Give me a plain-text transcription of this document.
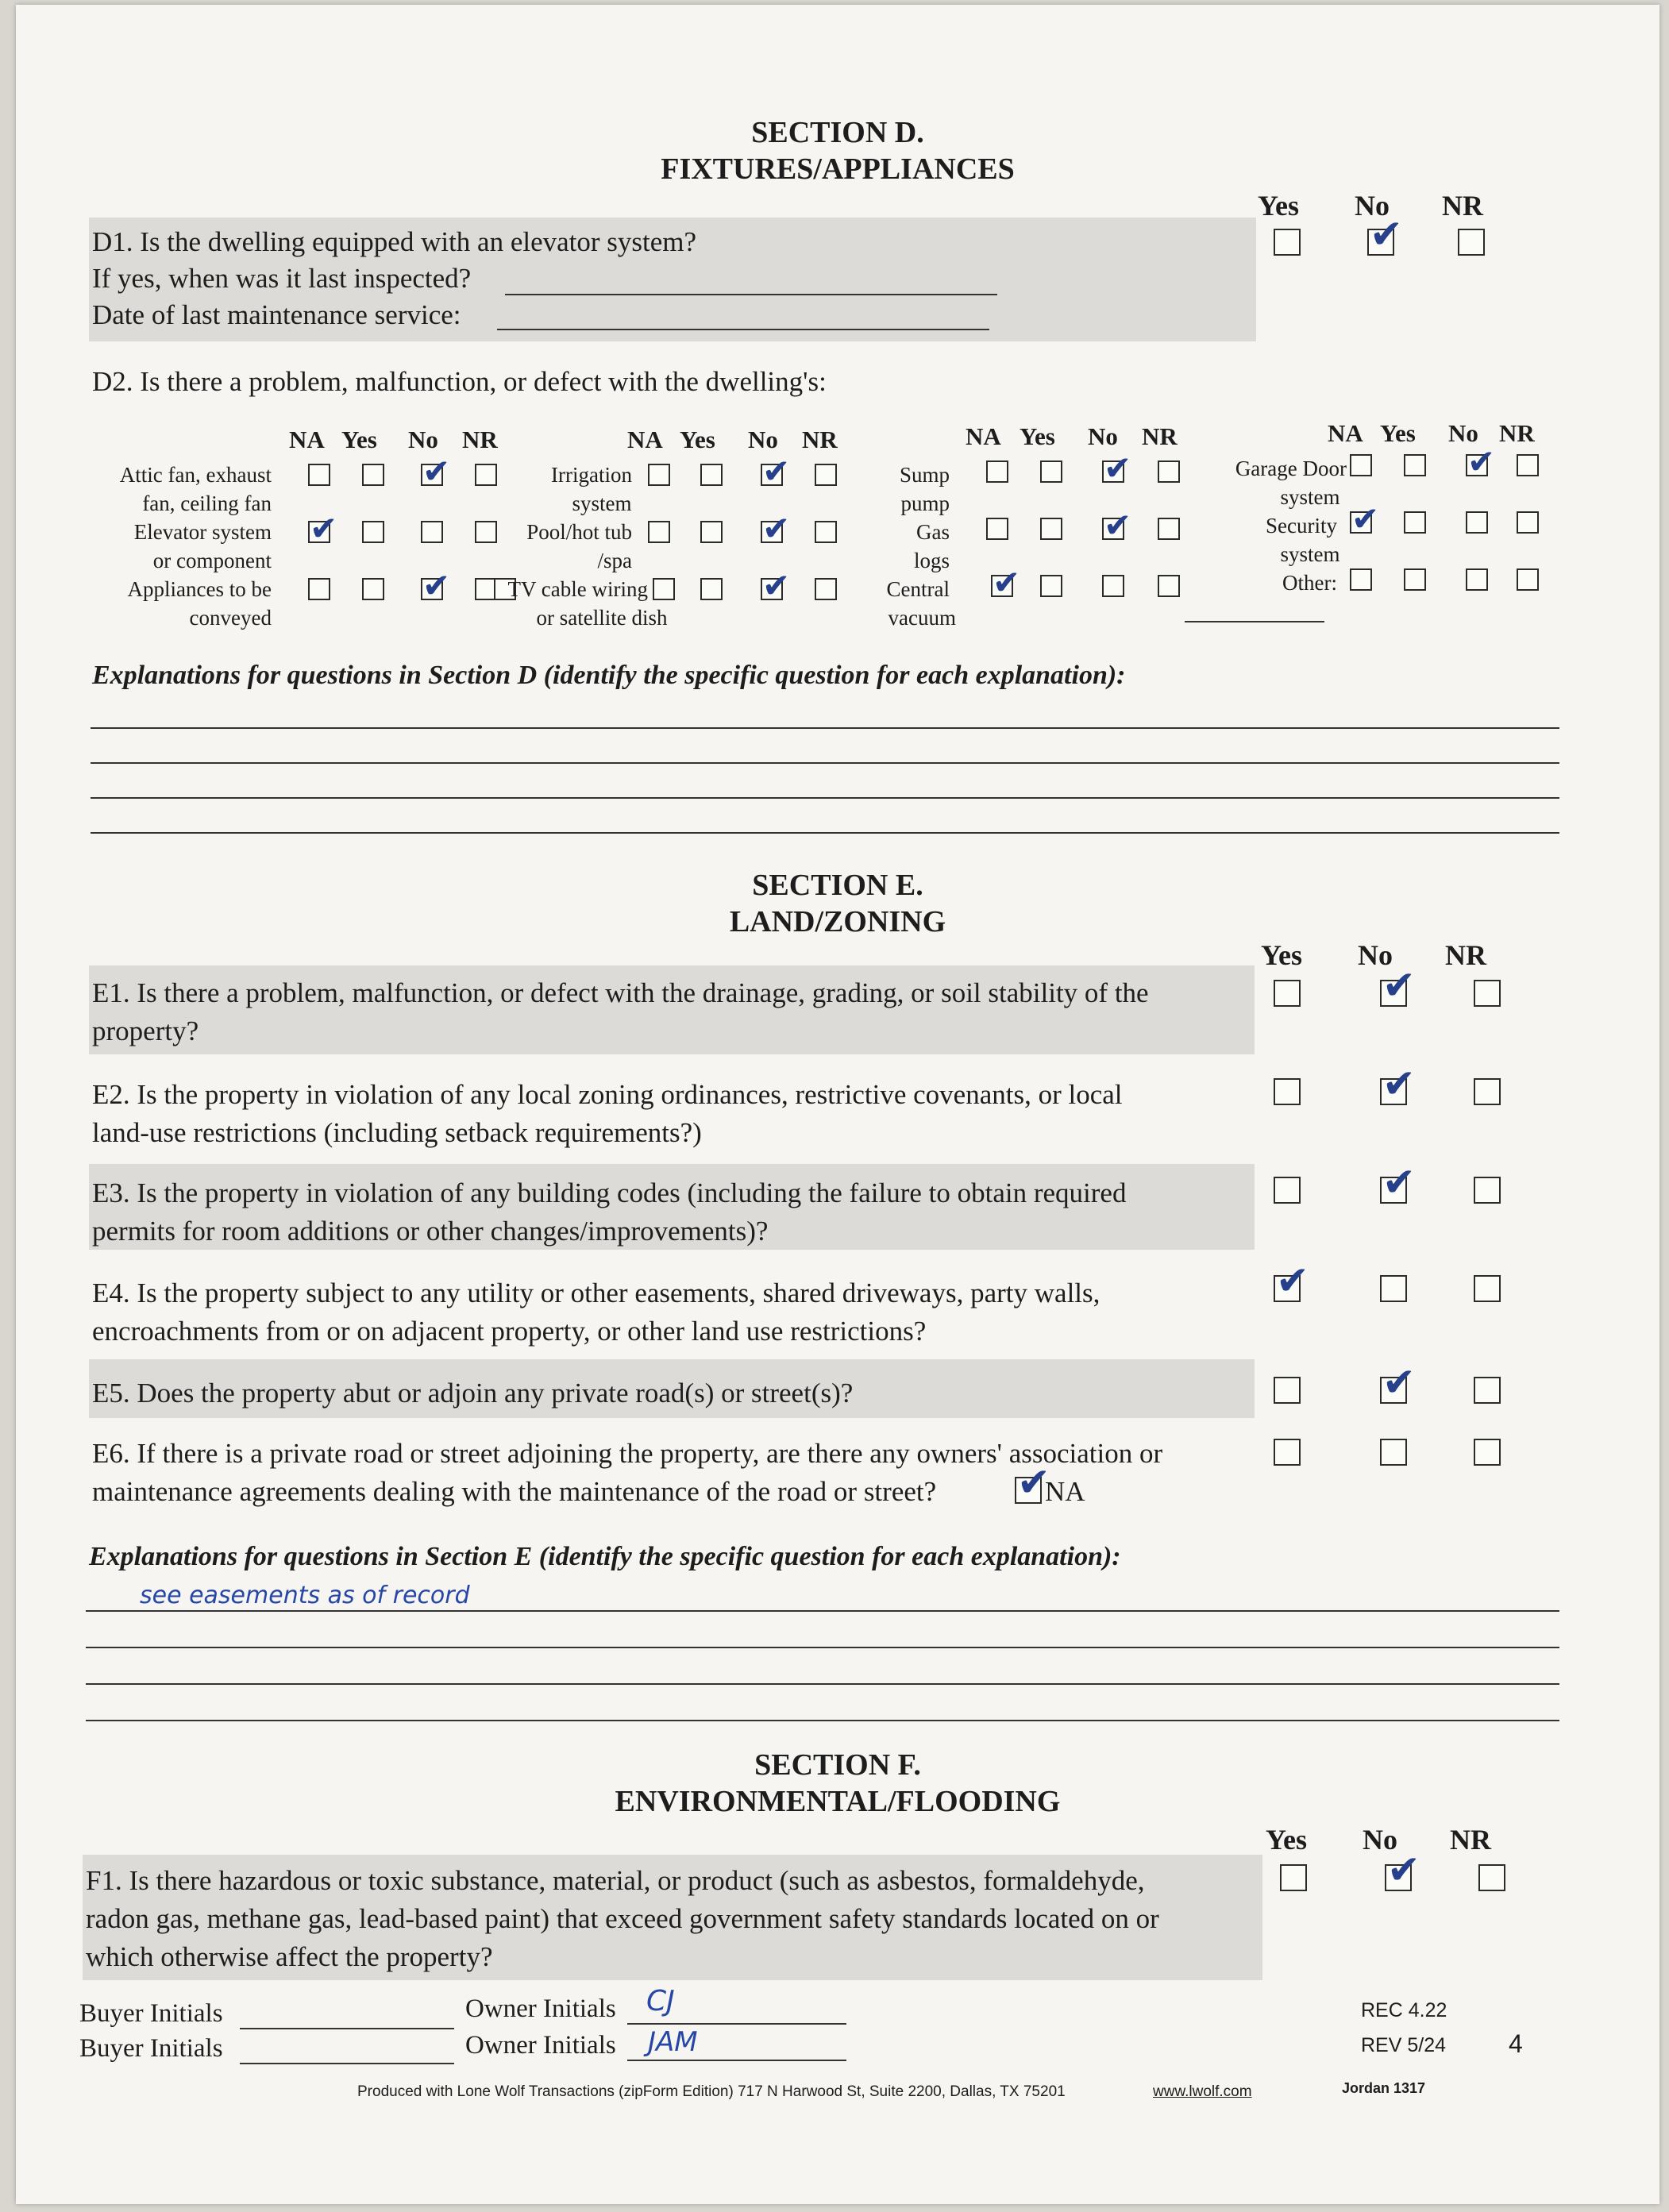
SECTION D.
FIXTURES/APPLIANCES
Yes	No	NR
D1. Is the dwelling equipped with an elevator system?
If yes, when was it last inspected?
Date of last maintenance service:
✔
D2. Is there a problem, malfunction, or defect with the dwelling's:
NA Yes No NR	NA Yes No NR	NA Yes No NR	NA Yes No NR
Attic fan, exhaust
fan, ceiling fan
Elevator system
or component
Appliances to be
conveyed
✔
✔
✔
Irrigation
system
Pool/hot tub
/spa
TV cable wiring
or satellite dish
✔
✔
✔
Sump
pump
Gas
logs
Central
vacuum
✔
✔
✔
Garage Door
system
Security
system
Other:
✔
✔
Explanations for questions in Section D (identify the specific question for each explanation):
SECTION E.
LAND/ZONING
Yes	No	NR
E1. Is there a problem, malfunction, or defect with the drainage, grading, or soil stability of the
property?
✔
E2. Is the property in violation of any local zoning ordinances, restrictive covenants, or local
land-use restrictions (including setback requirements?)
✔
E3. Is the property in violation of any building codes (including the failure to obtain required
permits for room additions or other changes/improvements)?
✔
E4. Is the property subject to any utility or other easements, shared driveways, party walls,
encroachments from or on adjacent property, or other land use restrictions?
✔
E5. Does the property abut or adjoin any private road(s) or street(s)?
✔
E6. If there is a private road or street adjoining the property, are there any owners' association or
maintenance agreements dealing with the maintenance of the road or street?
✔	NA
Explanations for questions in Section E (identify the specific question for each explanation):
see easements as of record
SECTION F.
ENVIRONMENTAL/FLOODING
Yes	No	NR
F1. Is there hazardous or toxic substance, material, or product (such as asbestos, formaldehyde,
radon gas, methane gas, lead-based paint) that exceed government safety standards located on or
which otherwise affect the property?
✔
Buyer Initials
Buyer Initials
Owner Initials CJ
Owner Initials JAM
Produced with Lone Wolf Transactions (zipForm Edition) 717 N Harwood St, Suite 2200, Dallas, TX 75201	www.lwolf.com
REC 4.22
REV 5/24 4
Jordan 1317
